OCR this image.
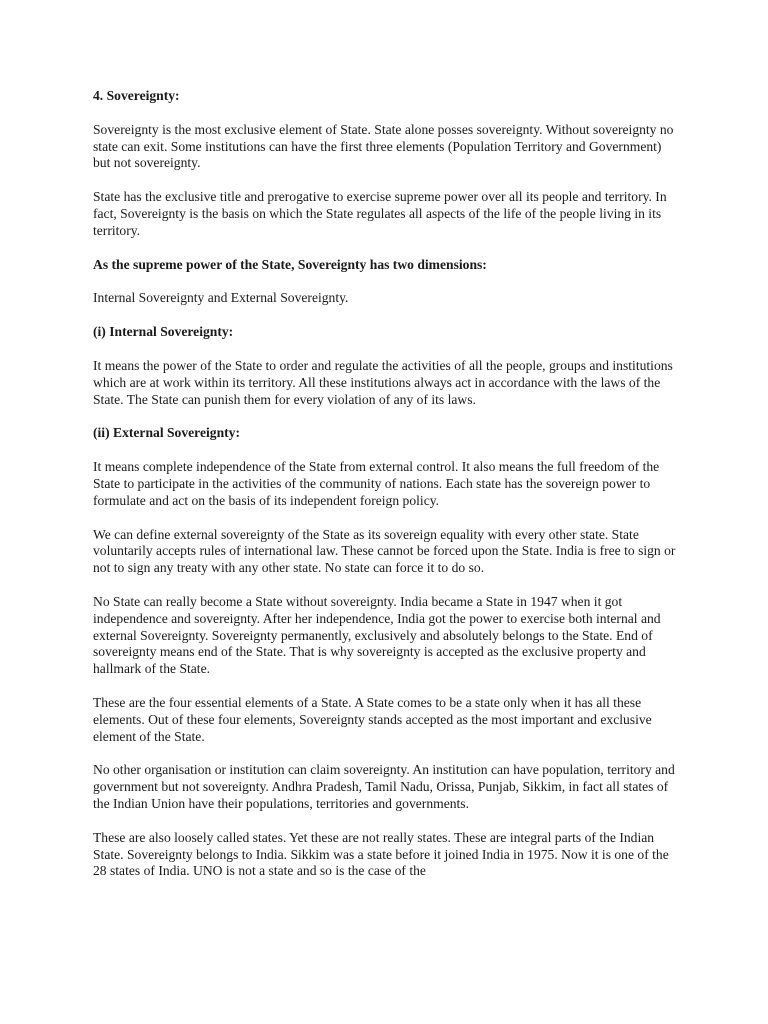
4. Sovereignty:

Sovereignty is the most exclusive element of State. State alone posses sovereignty. Without sovereignty no state can exit. Some institutions can have the first three elements (Population Territory and Government) but not sovereignty.

State has the exclusive title and prerogative to exercise supreme power over all its people and territory. In fact, Sovereignty is the basis on which the State regulates all aspects of the life of the people living in its territory.

As the supreme power of the State, Sovereignty has two dimensions:

Internal Sovereignty and External Sovereignty.

(i) Internal Sovereignty:

It means the power of the State to order and regulate the activities of all the people, groups and institutions which are at work within its territory. All these institutions always act in accordance with the laws of the State. The State can punish them for every violation of any of its laws.

(ii) External Sovereignty:

It means complete independence of the State from external control. It also means the full freedom of the State to participate in the activities of the community of nations. Each state has the sovereign power to formulate and act on the basis of its independent foreign policy.

We can define external sovereignty of the State as its sovereign equality with every other state. State voluntarily accepts rules of international law. These cannot be forced upon the State. India is free to sign or not to sign any treaty with any other state. No state can force it to do so.

No State can really become a State without sovereignty. India became a State in 1947 when it got independence and sovereignty. After her independence, India got the power to exercise both internal and external Sovereignty. Sovereignty permanently, exclusively and absolutely belongs to the State. End of sovereignty means end of the State. That is why sovereignty is accepted as the exclusive property and hallmark of the State.

These are the four essential elements of a State. A State comes to be a state only when it has all these elements. Out of these four elements, Sovereignty stands accepted as the most important and exclusive element of the State.

No other organisation or institution can claim sovereignty. An institution can have population, territory and government but not sovereignty. Andhra Pradesh, Tamil Nadu, Orissa, Punjab, Sikkim, in fact all states of the Indian Union have their populations, territories and governments.

These are also loosely called states. Yet these are not really states. These are integral parts of the Indian State. Sovereignty belongs to India. Sikkim was a state before it joined India in 1975. Now it is one of the 28 states of India. UNO is not a state and so is the case of the
